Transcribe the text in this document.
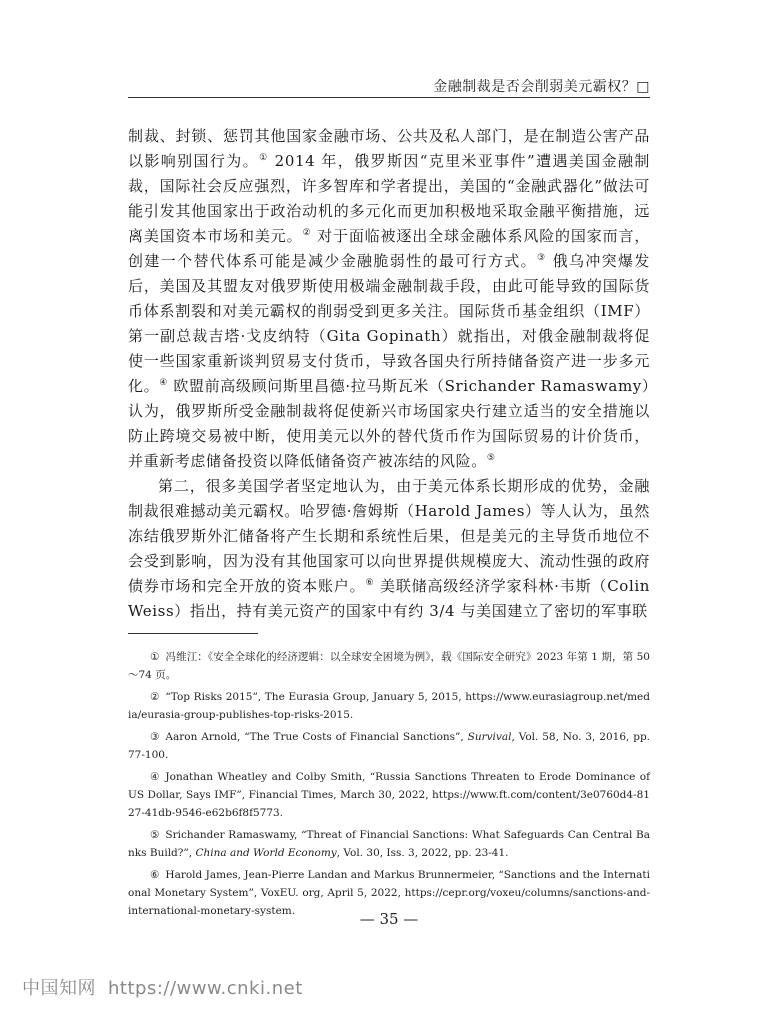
金融制裁是否会削弱美元霸权？□

制裁、封锁、惩罚其他国家金融市场、公共及私人部门，是在制造公害产品以影响别国行为。① 2014 年，俄罗斯因“克里米亚事件”遭遇美国金融制裁，国际社会反应强烈，许多智库和学者提出，美国的“金融武器化”做法可能引发其他国家出于政治动机的多元化而更加积极地采取金融平衡措施，远离美国资本市场和美元。② 对于面临被逐出全球金融体系风险的国家而言，创建一个替代体系可能是减少金融脆弱性的最可行方式。③ 俄乌冲突爆发后，美国及其盟友对俄罗斯使用极端金融制裁手段，由此可能导致的国际货币体系割裂和对美元霸权的削弱受到更多关注。国际货币基金组织（IMF）第一副总裁吉塔·戈皮纳特（Gita Gopinath）就指出，对俄金融制裁将促使一些国家重新谈判贸易支付货币，导致各国央行所持储备资产进一步多元化。④ 欧盟前高级顾问斯里昌德·拉马斯瓦米（Srichander Ramaswamy）认为，俄罗斯所受金融制裁将促使新兴市场国家央行建立适当的安全措施以防止跨境交易被中断，使用美元以外的替代货币作为国际贸易的计价货币，并重新考虑储备投资以降低储备资产被冻结的风险。⑤

第二，很多美国学者坚定地认为，由于美元体系长期形成的优势，金融制裁很难撼动美元霸权。哈罗德·詹姆斯（Harold James）等人认为，虽然冻结俄罗斯外汇储备将产生长期和系统性后果，但是美元的主导货币地位不会受到影响，因为没有其他国家可以向世界提供规模庞大、流动性强的政府债券市场和完全开放的资本账户。⑥ 美联储高级经济学家科林·韦斯（Colin Weiss）指出，持有美元资产的国家中有约 3/4 与美国建立了密切的军事联

① 冯维江：《安全全球化的经济逻辑：以全球安全困境为例》，载《国际安全研究》2023 年第 1 期，第 50～74 页。

② “Top Risks 2015”, The Eurasia Group, January 5, 2015, https://www.eurasiagroup.net/media/eurasia-group-publishes-top-risks-2015.

③ Aaron Arnold, “The True Costs of Financial Sanctions”, Survival, Vol. 58, No. 3, 2016, pp. 77-100.

④ Jonathan Wheatley and Colby Smith, “Russia Sanctions Threaten to Erode Dominance of US Dollar, Says IMF”, Financial Times, March 30, 2022, https://www.ft.com/content/3e0760d4-8127-41db-9546-e62b6f8f5773.

⑤ Srichander Ramaswamy, “Threat of Financial Sanctions: What Safeguards Can Central Banks Build?”, China and World Economy, Vol. 30, Iss. 3, 2022, pp. 23-41.

⑥ Harold James, Jean-Pierre Landan and Markus Brunnermeier, “Sanctions and the International Monetary System”, VoxEU. org, April 5, 2022, https://cepr.org/voxeu/columns/sanctions-and-international-monetary-system.	— 35 —
中国知网 https://www.cnki.net
